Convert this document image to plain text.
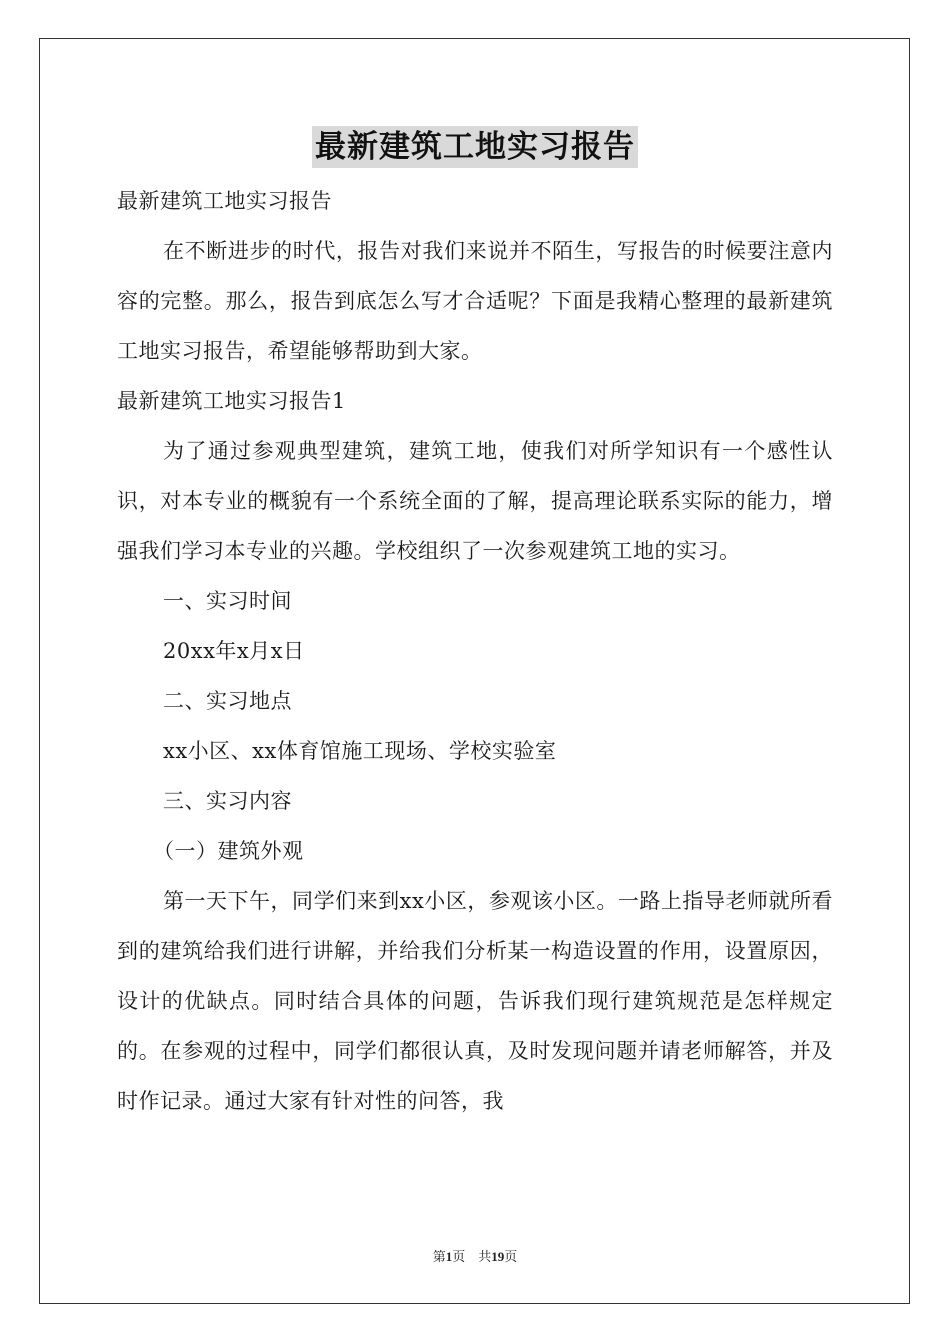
最新建筑工地实习报告

最新建筑工地实习报告

在不断进步的时代，报告对我们来说并不陌生，写报告的时候要注意内容的完整。那么，报告到底怎么写才合适呢？下面是我精心整理的最新建筑工地实习报告，希望能够帮助到大家。

最新建筑工地实习报告1

为了通过参观典型建筑，建筑工地，使我们对所学知识有一个感性认识，对本专业的概貌有一个系统全面的了解，提高理论联系实际的能力，增强我们学习本专业的兴趣。学校组织了一次参观建筑工地的实习。

一、实习时间

20xx年x月x日

二、实习地点

xx小区、xx体育馆施工现场、学校实验室

三、实习内容

（一）建筑外观

第一天下午，同学们来到xx小区，参观该小区。一路上指导老师就所看到的建筑给我们进行讲解，并给我们分析某一构造设置的作用，设置原因，设计的优缺点。同时结合具体的问题，告诉我们现行建筑规范是怎样规定的。在参观的过程中，同学们都很认真，及时发现问题并请老师解答，并及时作记录。通过大家有针对性的问答，我

第1页　共19页
